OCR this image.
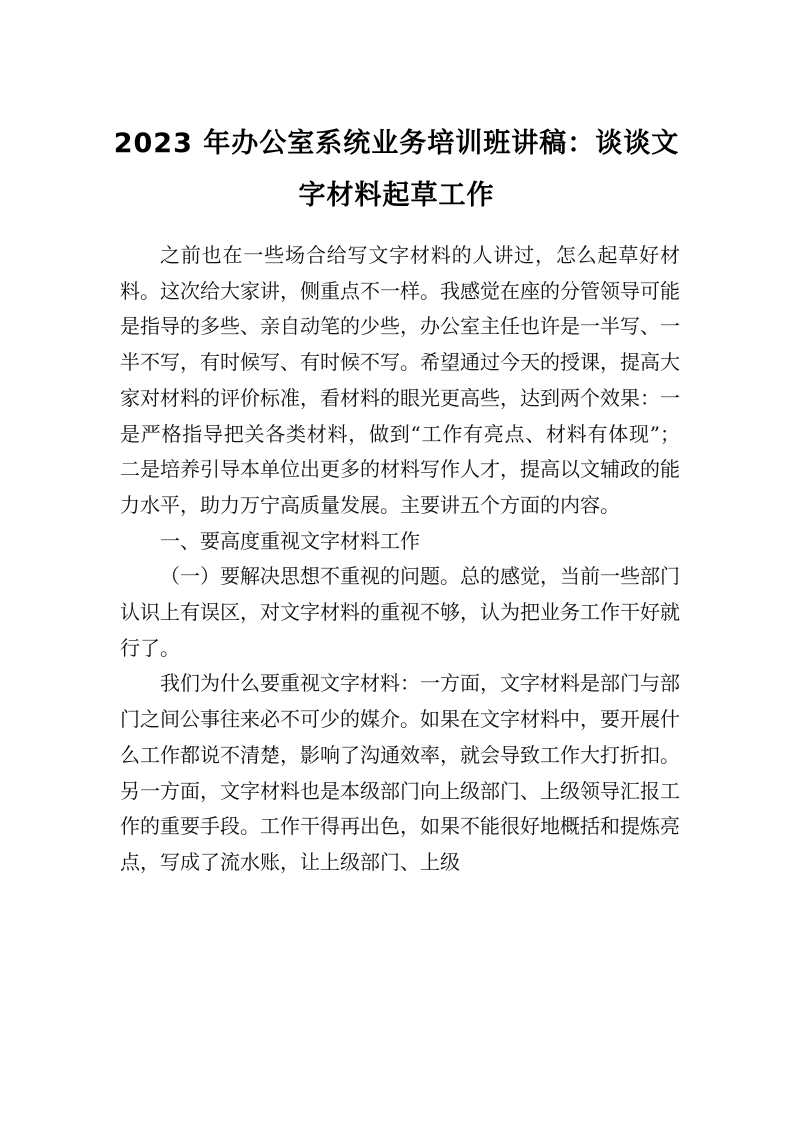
2023 年办公室系统业务培训班讲稿：谈谈文字材料起草工作

之前也在一些场合给写文字材料的人讲过，怎么起草好材料。这次给大家讲，侧重点不一样。我感觉在座的分管领导可能是指导的多些、亲自动笔的少些，办公室主任也许是一半写、一半不写，有时候写、有时候不写。希望通过今天的授课，提高大家对材料的评价标准，看材料的眼光更高些，达到两个效果：一是严格指导把关各类材料，做到“工作有亮点、材料有体现”；二是培养引导本单位出更多的材料写作人才，提高以文辅政的能力水平，助力万宁高质量发展。主要讲五个方面的内容。

一、要高度重视文字材料工作

（一）要解决思想不重视的问题。总的感觉，当前一些部门认识上有误区，对文字材料的重视不够，认为把业务工作干好就行了。

我们为什么要重视文字材料：一方面，文字材料是部门与部门之间公事往来必不可少的媒介。如果在文字材料中，要开展什么工作都说不清楚，影响了沟通效率，就会导致工作大打折扣。另一方面，文字材料也是本级部门向上级部门、上级领导汇报工作的重要手段。工作干得再出色，如果不能很好地概括和提炼亮点，写成了流水账，让上级部门、上级
